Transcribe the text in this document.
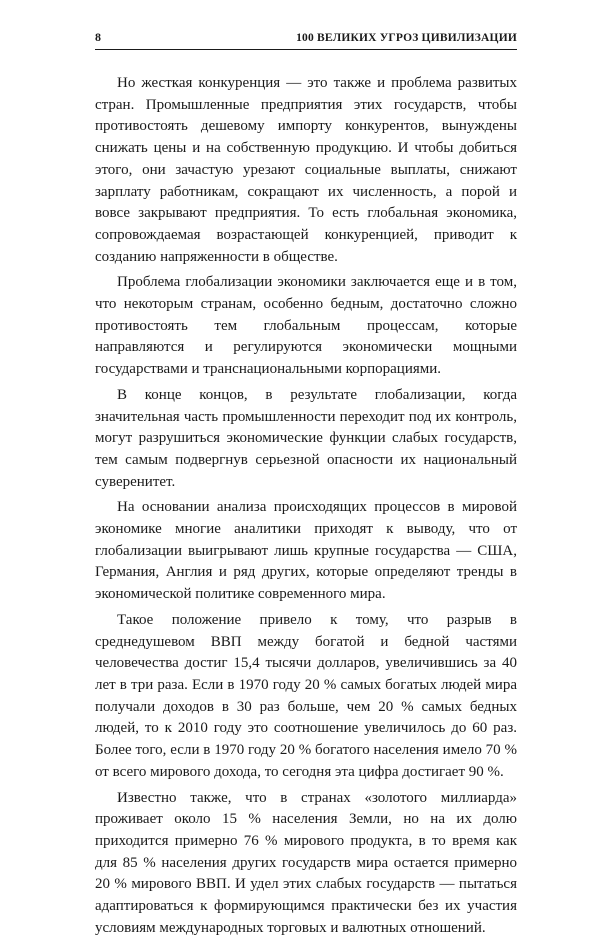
8	100 ВЕЛИКИХ УГРОЗ ЦИВИЛИЗАЦИИ

Но жесткая конкуренция — это также и проблема развитых стран. Промышленные предприятия этих государств, чтобы противостоять дешевому импорту конкурентов, вынуждены снижать цены и на собственную продукцию. И чтобы добиться этого, они зачастую урезают социальные выплаты, снижают зарплату работникам, сокращают их численность, а порой и вовсе закрывают предприятия. То есть глобальная экономика, сопровождаемая возрастающей конкуренцией, приводит к созданию напряженности в обществе.

Проблема глобализации экономики заключается еще и в том, что некоторым странам, особенно бедным, достаточно сложно противостоять тем глобальным процессам, которые направляются и регулируются экономически мощными государствами и транснациональными корпорациями.

В конце концов, в результате глобализации, когда значительная часть промышленности переходит под их контроль, могут разрушиться экономические функции слабых государств, тем самым подвергнув серьезной опасности их национальный суверенитет.

На основании анализа происходящих процессов в мировой экономике многие аналитики приходят к выводу, что от глобализации выигрывают лишь крупные государства — США, Германия, Англия и ряд других, которые определяют тренды в экономической политике современного мира.

Такое положение привело к тому, что разрыв в среднедушевом ВВП между богатой и бедной частями человечества достиг 15,4 тысячи долларов, увеличившись за 40 лет в три раза. Если в 1970 году 20 % самых богатых людей мира получали доходов в 30 раз больше, чем 20 % самых бедных людей, то к 2010 году это соотношение увеличилось до 60 раз. Более того, если в 1970 году 20 % богатого населения имело 70 % от всего мирового дохода, то сегодня эта цифра достигает 90 %.

Известно также, что в странах «золотого миллиарда» проживает около 15 % населения Земли, но на их долю приходится примерно 76 % мирового продукта, в то время как для 85 % населения других государств мира остается примерно 20 % мирового ВВП. И удел этих слабых государств — пытаться адаптироваться к формирующимся практически без их участия условиям международных торговых и валютных отношений.
